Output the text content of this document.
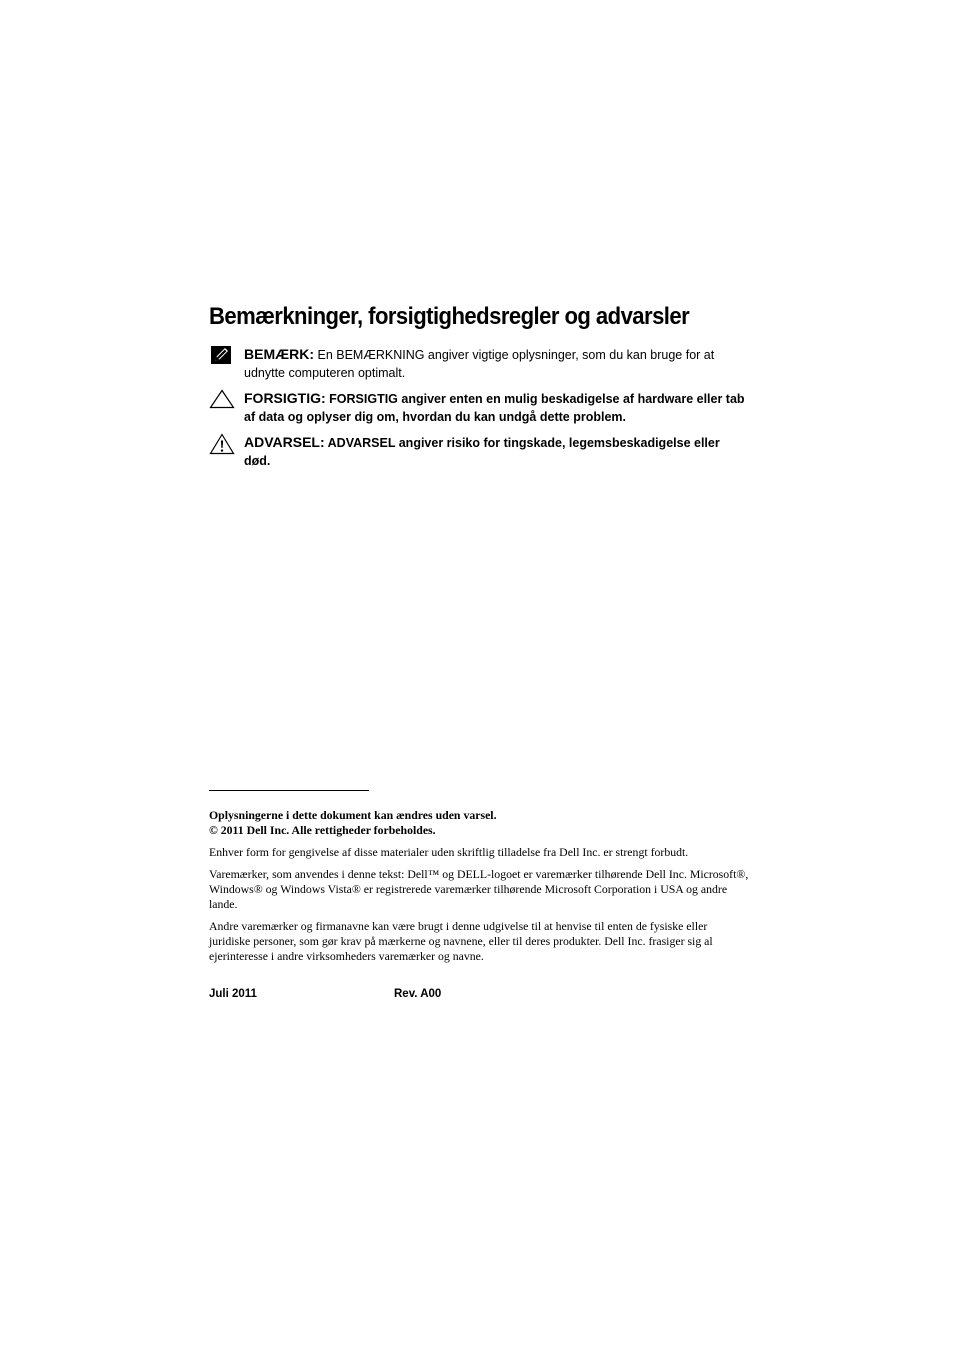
Bemærkninger, forsigtighedsregler og advarsler
BEMÆRK: En BEMÆRKNING angiver vigtige oplysninger, som du kan bruge for at udnytte computeren optimalt.
FORSIGTIG: FORSIGTIG angiver enten en mulig beskadigelse af hardware eller tab af data og oplyser dig om, hvordan du kan undgå dette problem.
ADVARSEL: ADVARSEL angiver risiko for tingskade, legemsbeskadigelse eller død.

Oplysningerne i dette dokument kan ændres uden varsel.
© 2011 Dell Inc. Alle rettigheder forbeholdes.

Enhver form for gengivelse af disse materialer uden skriftlig tilladelse fra Dell Inc. er strengt forbudt.

Varemærker, som anvendes i denne tekst: Dell™ og DELL-logoet er varemærker tilhørende Dell Inc. Microsoft®, Windows® og Windows Vista® er registrerede varemærker tilhørende Microsoft Corporation i USA og andre lande.

Andre varemærker og firmanavne kan være brugt i denne udgivelse til at henvise til enten de fysiske eller juridiske personer, som gør krav på mærkerne og navnene, eller til deres produkter. Dell Inc. frasiger sig al ejerinteresse i andre virksomheders varemærker og navne.

Juli 2011	Rev. A00
